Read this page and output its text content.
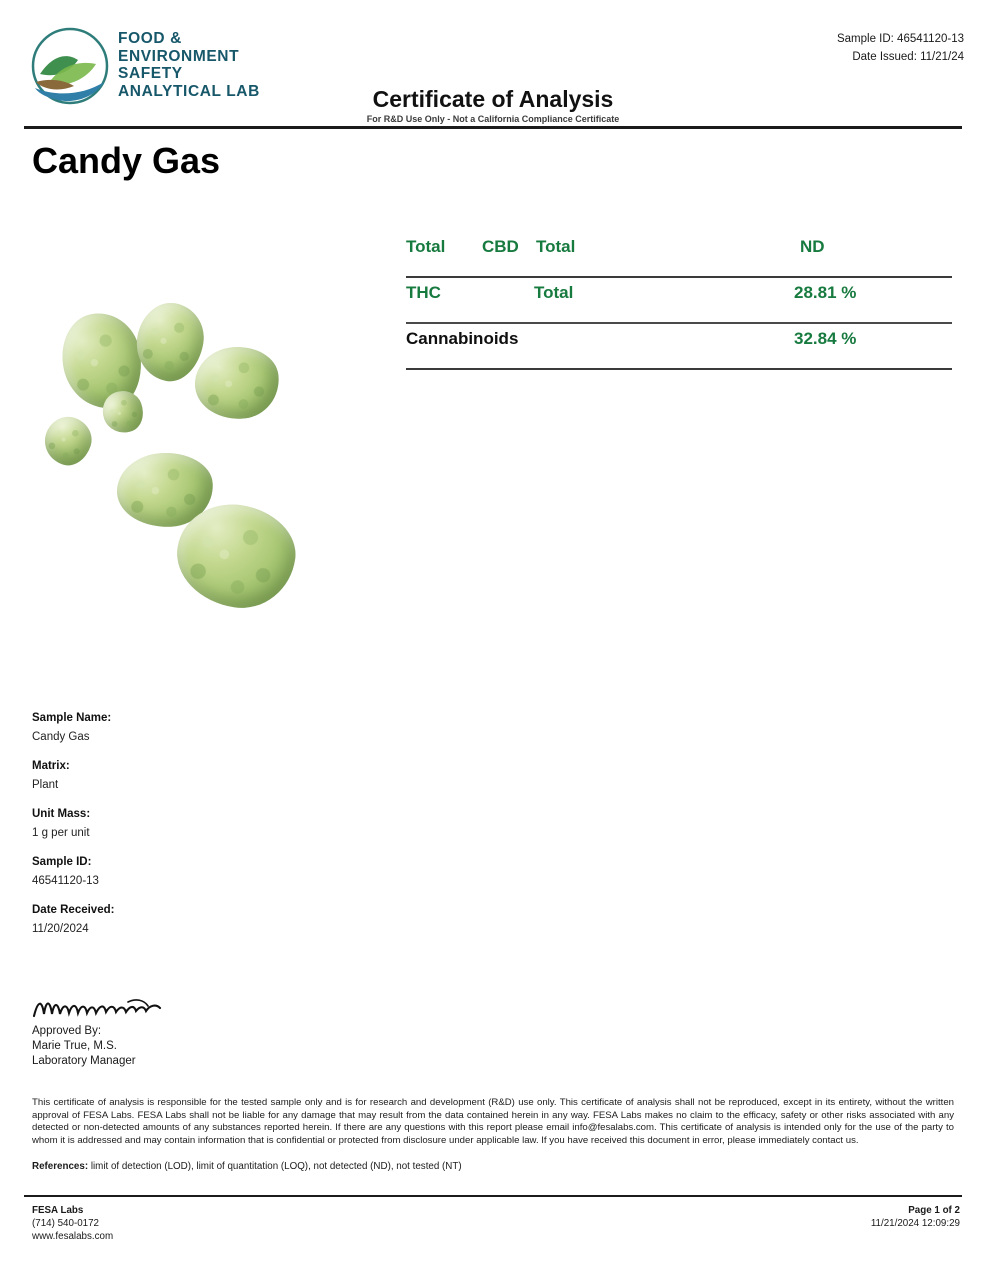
FOOD &
ENVIRONMENT
SAFETY
ANALYTICAL LAB
Sample ID: 46541120-13
Date Issued: 11/21/24
Certificate of Analysis
For R&D Use Only - Not a California Compliance Certificate
Candy Gas
Total CBD Total	ND
THC	Total	28.81 %
Cannabinoids	32.84 %
Sample Name:
Candy Gas
Matrix:
Plant
Unit Mass:
1 g per unit
Sample ID:
46541120-13
Date Received:
11/20/2024
Approved By:
Marie True, M.S.
Laboratory Manager
This certificate of analysis is responsible for the tested sample only and is for research and development (R&D) use only. This certificate of analysis shall not be reproduced, except in its entirety, without the written approval of FESA Labs. FESA Labs shall not be liable for any damage that may result from the data contained herein in any way. FESA Labs makes no claim to the efficacy, safety or other risks associated with any detected or non-detected amounts of any substances reported herein. If there are any questions with this report please email info@fesalabs.com. This certificate of analysis is intended only for the use of the party to whom it is addressed and may contain information that is confidential or protected from disclosure under applicable law. If you have received this document in error, please immediately contact us.
References: limit of detection (LOD), limit of quantitation (LOQ), not detected (ND), not tested (NT)
FESA Labs
(714) 540-0172
www.fesalabs.com
Page 1 of 2
11/21/2024 12:09:29
